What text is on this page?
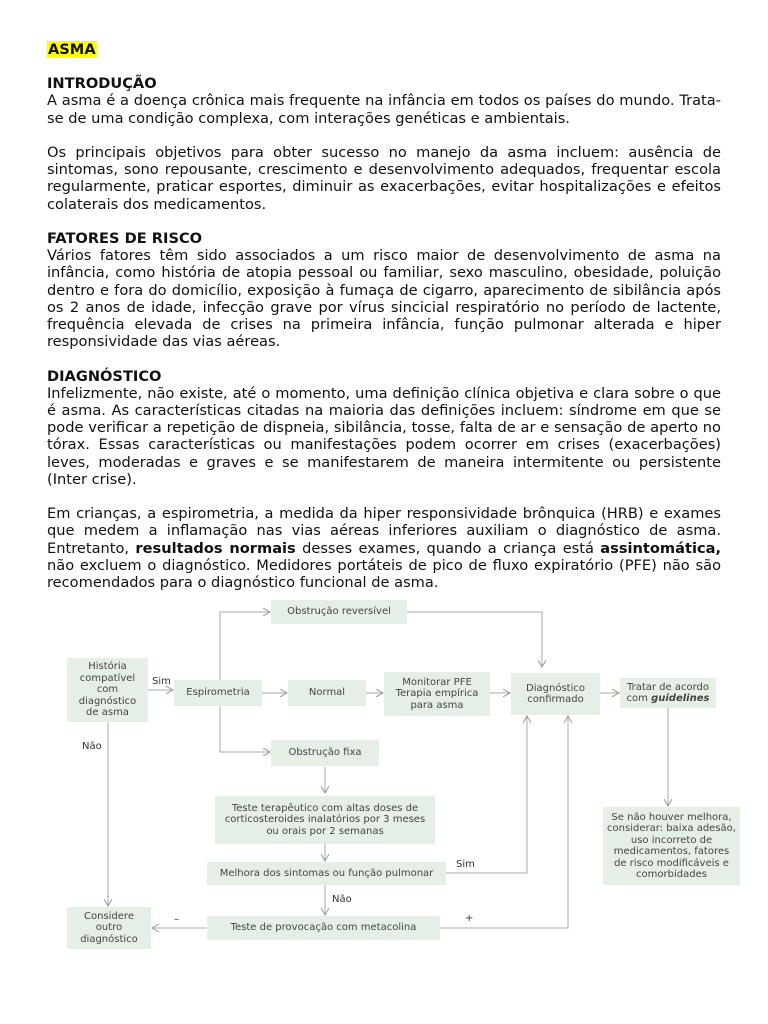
ASMA
INTRODUÇÃO

A asma é a doença crônica mais frequente na infância em todos os países do mundo. Trata-se de uma condição complexa, com interações genéticas e ambientais.

Os principais objetivos para obter sucesso no manejo da asma incluem: ausência de sintomas, sono repousante, crescimento e desenvolvimento adequados, frequentar escola regularmente, praticar esportes, diminuir as exacerbações, evitar hospitalizações e efeitos colaterais dos medicamentos.

FATORES DE RISCO

Vários fatores têm sido associados a um risco maior de desenvolvimento de asma na infância, como história de atopia pessoal ou familiar, sexo masculino, obesidade, poluição dentro e fora do domicílio, exposição à fumaça de cigarro, aparecimento de sibilância após os 2 anos de idade, infecção grave por vírus sincicial respiratório no período de lactente, frequência elevada de crises na primeira infância, função pulmonar alterada e hiper responsividade das vias aéreas.

DIAGNÓSTICO

Infelizmente, não existe, até o momento, uma definição clínica objetiva e clara sobre o que é asma. As características citadas na maioria das definições incluem: síndrome em que se pode verificar a repetição de dispneia, sibilância, tosse, falta de ar e sensação de aperto no tórax. Essas características ou manifestações podem ocorrer em crises (exacerbações) leves, moderadas e graves e se manifestarem de maneira intermitente ou persistente (Inter crise).

Em crianças, a espirometria, a medida da hiper responsividade brônquica (HRB) e exames que medem a inflamação nas vias aéreas inferiores auxiliam o diagnóstico de asma. Entretanto, resultados normais desses exames, quando a criança está assintomática, não excluem o diagnóstico. Medidores portáteis de pico de fluxo expiratório (PFE) não são recomendados para o diagnóstico funcional de asma.

História compatível com diagnóstico de asma
Espirometria	Normal
Monitorar PFE
Terapia empírica
para asma
Diagnóstico
confirmado
Tratar de acordo
com guidelines
Obstrução reversível
Obstrução fixa
Teste terapêutico com altas doses de corticosteroides inalatórios por 3 meses ou orais por 2 semanas
Melhora dos sintomas ou função pulmonar
Teste de provocação com metacolina
Considere outro diagnóstico
Se não houver melhora, considerar: baixa adesão, uso incorreto de medicamentos, fatores de risco modificáveis e comorbidades
Sim
Não
Sim
Não
–	+
